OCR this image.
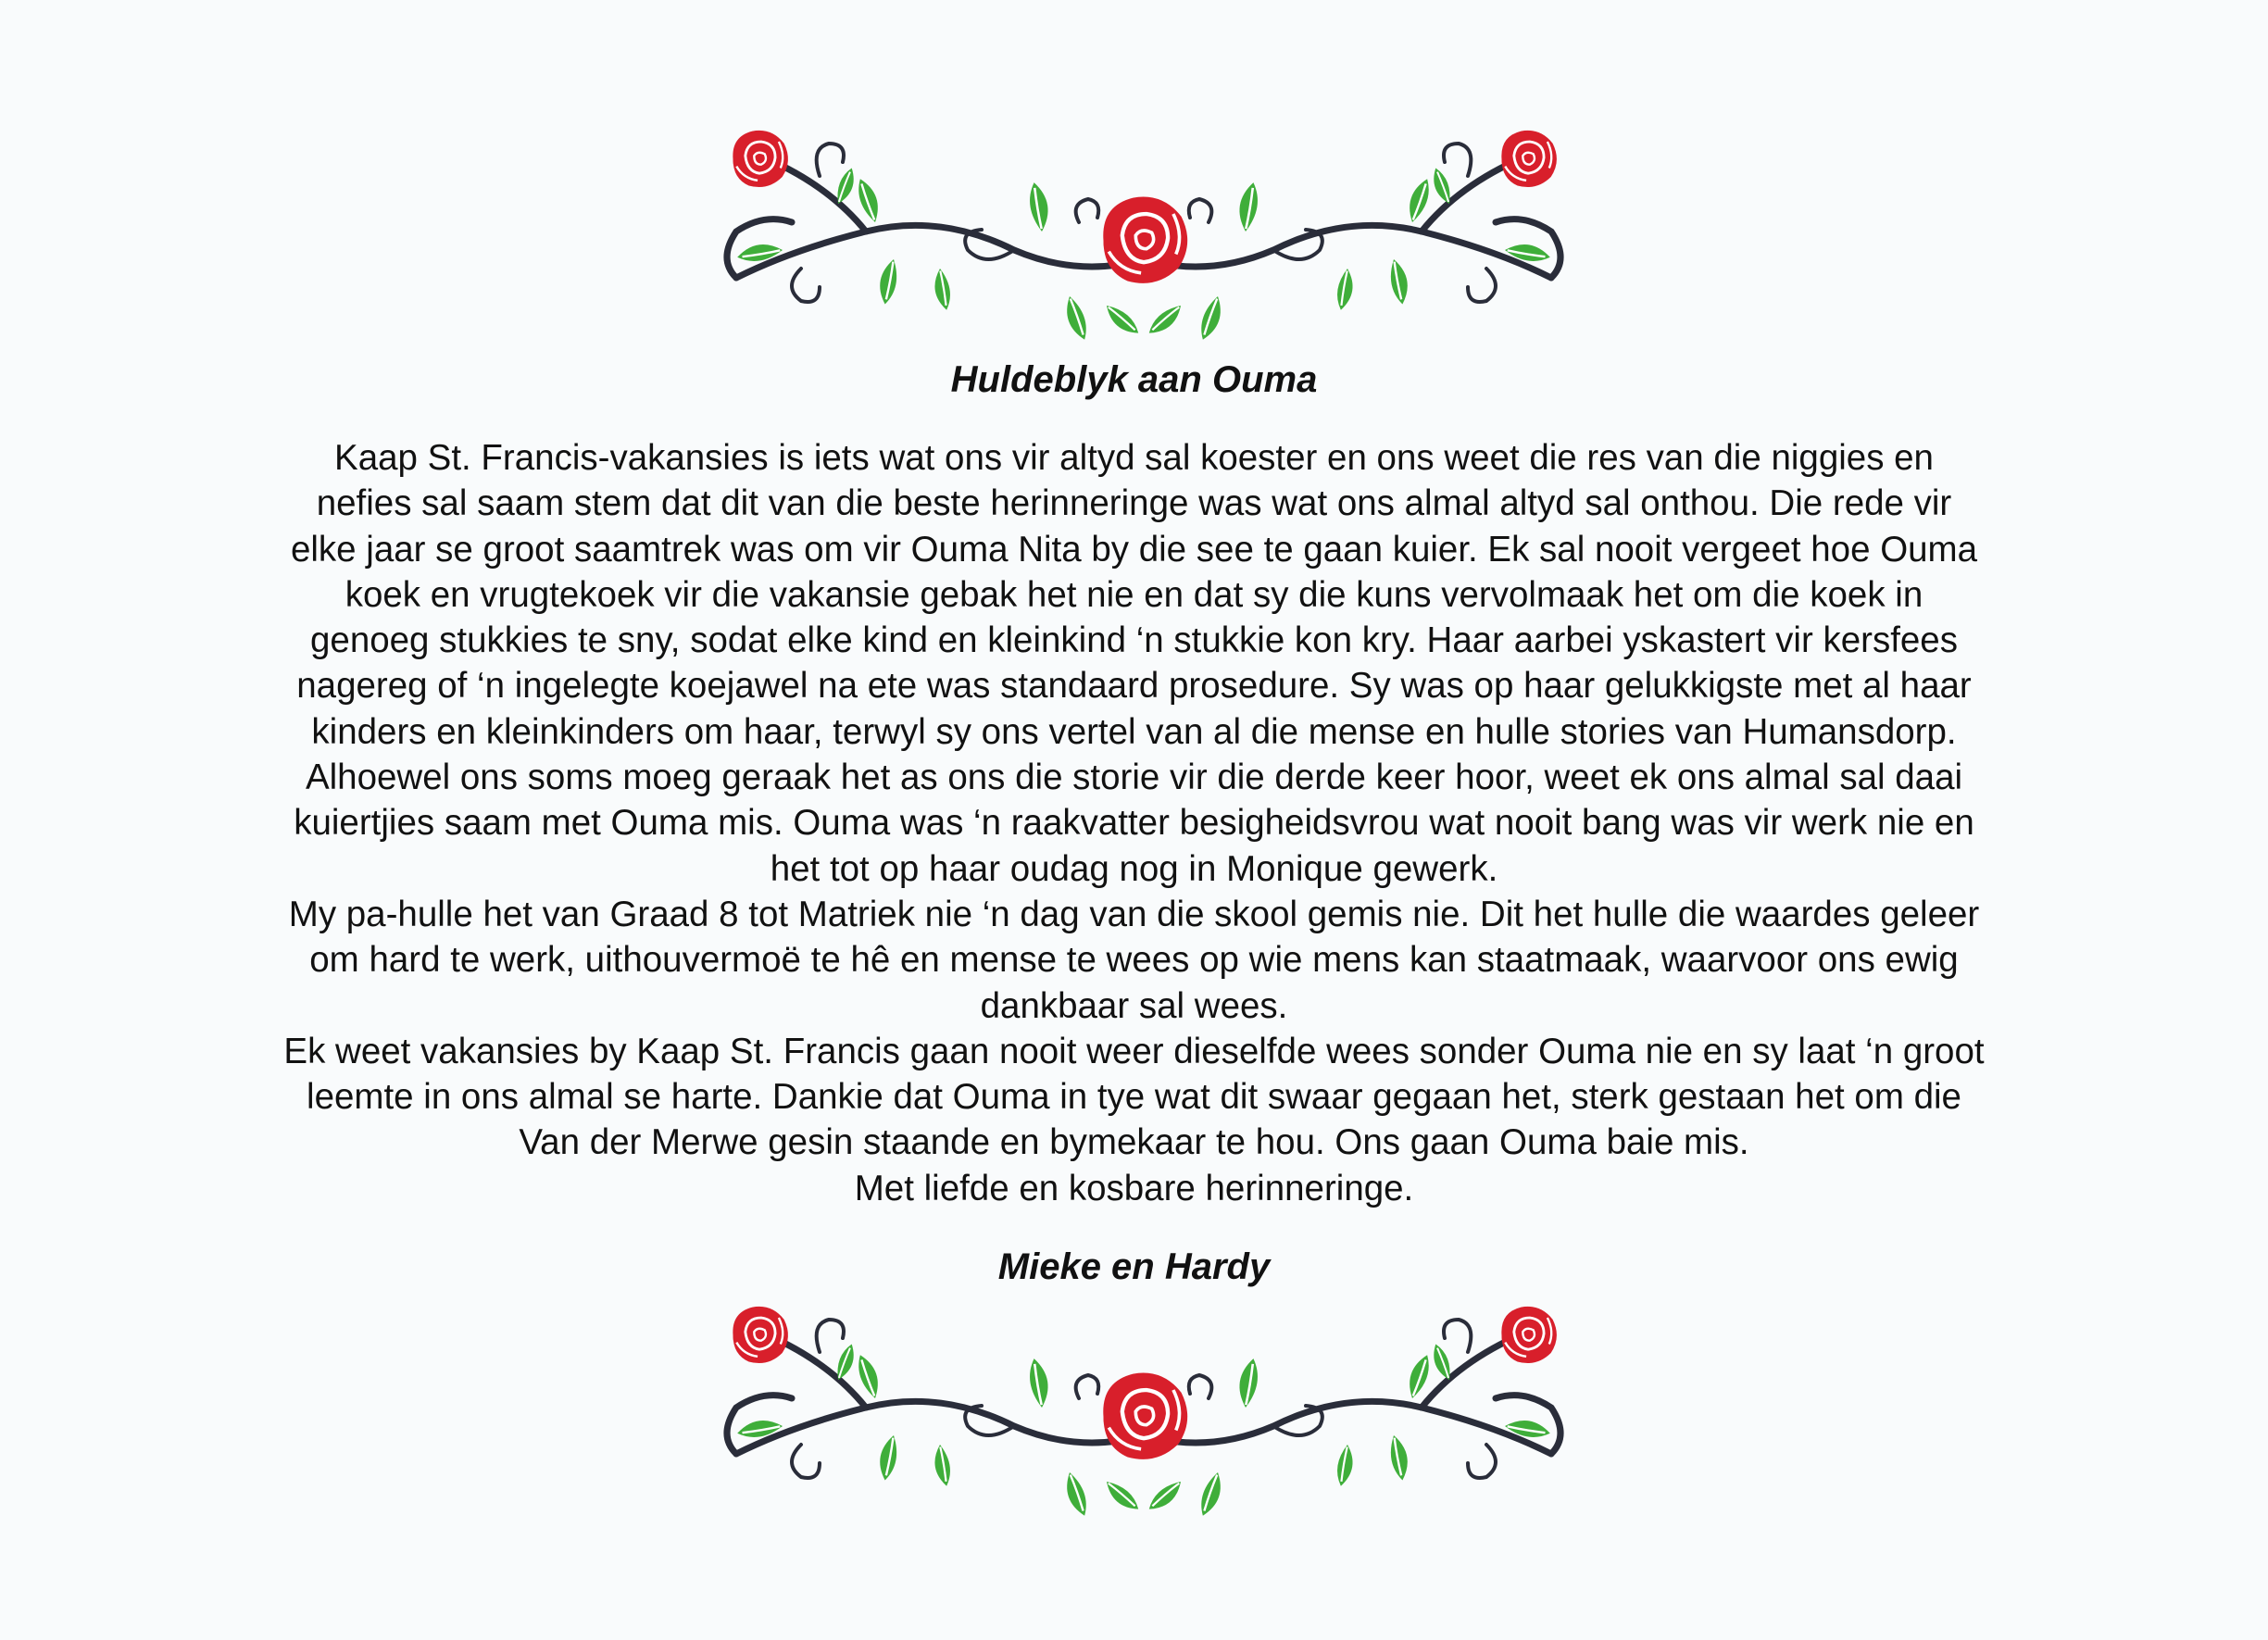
Huldeblyk aan Ouma
Kaap St. Francis-vakansies is iets wat ons vir altyd sal koester en ons weet die res van die niggies en
nefies sal saam stem dat dit van die beste herinneringe was wat ons almal altyd sal onthou. Die rede vir
elke jaar se groot saamtrek was om vir Ouma Nita by die see te gaan kuier. Ek sal nooit vergeet hoe Ouma
koek en vrugtekoek vir die vakansie gebak het nie en dat sy die kuns vervolmaak het om die koek in
genoeg stukkies te sny, sodat elke kind en kleinkind ‘n stukkie kon kry. Haar aarbei yskastert vir kersfees
nagereg of ‘n ingelegte koejawel na ete was standaard prosedure. Sy was op haar gelukkigste met al haar
kinders en kleinkinders om haar, terwyl sy ons vertel van al die mense en hulle stories van Humansdorp.
Alhoewel ons soms moeg geraak het as ons die storie vir die derde keer hoor, weet ek ons almal sal daai
kuiertjies saam met Ouma mis. Ouma was ‘n raakvatter besigheidsvrou wat nooit bang was vir werk nie en
het tot op haar oudag nog in Monique gewerk.
My pa-hulle het van Graad 8 tot Matriek nie ‘n dag van die skool gemis nie. Dit het hulle die waardes geleer
om hard te werk, uithouvermoë te hê en mense te wees op wie mens kan staatmaak, waarvoor ons ewig
dankbaar sal wees.
Ek weet vakansies by Kaap St. Francis gaan nooit weer dieselfde wees sonder Ouma nie en sy laat ‘n groot
leemte in ons almal se harte. Dankie dat Ouma in tye wat dit swaar gegaan het, sterk gestaan het om die
Van der Merwe gesin staande en bymekaar te hou. Ons gaan Ouma baie mis.
Met liefde en kosbare herinneringe.
Mieke en Hardy
